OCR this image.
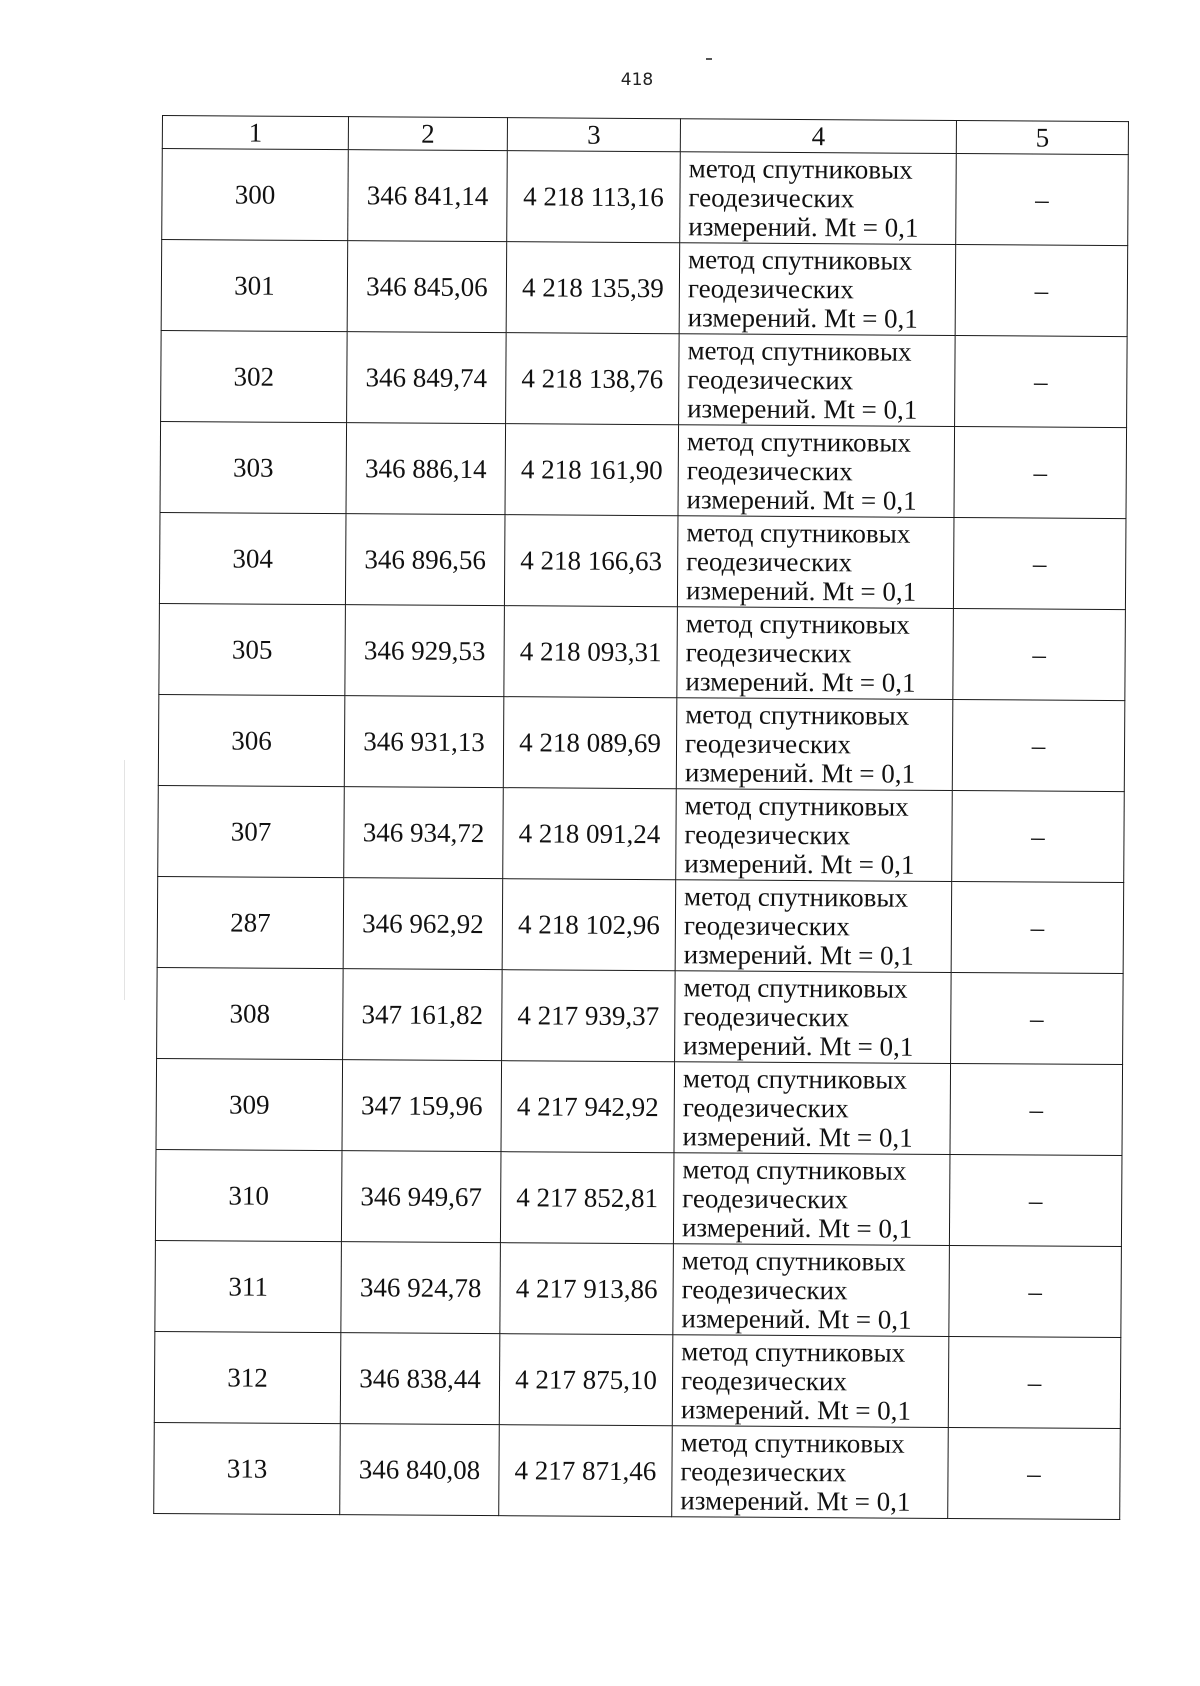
418
1	2	3	4	5
300	346 841,14	4 218 113,16	метод спутниковых
геодезических
измерений. Mt = 0,1	–
301	346 845,06	4 218 135,39	метод спутниковых
геодезических
измерений. Mt = 0,1	–
302	346 849,74	4 218 138,76	метод спутниковых
геодезических
измерений. Mt = 0,1	–
303	346 886,14	4 218 161,90	метод спутниковых
геодезических
измерений. Mt = 0,1	–
304	346 896,56	4 218 166,63	метод спутниковых
геодезических
измерений. Mt = 0,1	–
305	346 929,53	4 218 093,31	метод спутниковых
геодезических
измерений. Mt = 0,1	–
306	346 931,13	4 218 089,69	метод спутниковых
геодезических
измерений. Mt = 0,1	–
307	346 934,72	4 218 091,24	метод спутниковых
геодезических
измерений. Mt = 0,1	–
287	346 962,92	4 218 102,96	метод спутниковых
геодезических
измерений. Mt = 0,1	–
308	347 161,82	4 217 939,37	метод спутниковых
геодезических
измерений. Mt = 0,1	–
309	347 159,96	4 217 942,92	метод спутниковых
геодезических
измерений. Mt = 0,1	–
310	346 949,67	4 217 852,81	метод спутниковых
геодезических
измерений. Mt = 0,1	–
311	346 924,78	4 217 913,86	метод спутниковых
геодезических
измерений. Mt = 0,1	–
312	346 838,44	4 217 875,10	метод спутниковых
геодезических
измерений. Mt = 0,1	–
313	346 840,08	4 217 871,46	метод спутниковых
геодезических
измерений. Mt = 0,1	–
